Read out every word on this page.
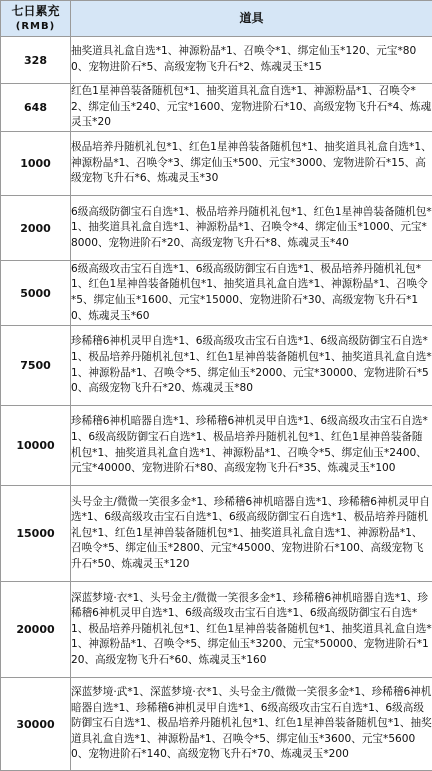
七日累充
(RMB)	道具
328	抽奖道具礼盒自选*1、神源粉晶*1、召唤令*1、绑定仙玉*120、元宝*800、宠物进阶石*5、高级宠物飞升石*2、炼魂灵玉*15
648	红色1星神兽装备随机包*1、抽奖道具礼盒自选*1、神源粉晶*1、召唤令*2、绑定仙玉*240、元宝*1600、宠物进阶石*10、高级宠物飞升石*4、炼魂灵玉*20
1000	极品培养丹随机礼包*1、红色1星神兽装备随机包*1、抽奖道具礼盒自选*1、神源粉晶*1、召唤令*3、绑定仙玉*500、元宝*3000、宠物进阶石*15、高级宠物飞升石*6、炼魂灵玉*30
2000	6级高级防御宝石自选*1、极品培养丹随机礼包*1、红色1星神兽装备随机包*1、抽奖道具礼盒自选*1、神源粉晶*1、召唤令*4、绑定仙玉*1000、元宝*8000、宠物进阶石*20、高级宠物飞升石*8、炼魂灵玉*40
5000	6级高级攻击宝石自选*1、6级高级防御宝石自选*1、极品培养丹随机礼包*1、红色1星神兽装备随机包*1、抽奖道具礼盒自选*1、神源粉晶*1、召唤令*5、绑定仙玉*1600、元宝*15000、宠物进阶石*30、高级宠物飞升石*10、炼魂灵玉*60
7500	珍稀稽6神机灵甲自选*1、6级高级攻击宝石自选*1、6级高级防御宝石自选*1、极品培养丹随机礼包*1、红色1星神兽装备随机包*1、抽奖道具礼盒自选*1、神源粉晶*1、召唤令*5、绑定仙玉*2000、元宝*30000、宠物进阶石*50、高级宠物飞升石*20、炼魂灵玉*80
10000	珍稀稽6神机暗器自选*1、珍稀稽6神机灵甲自选*1、6级高级攻击宝石自选*1、6级高级防御宝石自选*1、极品培养丹随机礼包*1、红色1星神兽装备随机包*1、抽奖道具礼盒自选*1、神源粉晶*1、召唤令*5、绑定仙玉*2400、元宝*40000、宠物进阶石*80、高级宠物飞升石*35、炼魂灵玉*100
15000	头号金主/微微一笑很多金*1、珍稀稽6神机暗器自选*1、珍稀稽6神机灵甲自选*1、6级高级攻击宝石自选*1、6级高级防御宝石自选*1、极品培养丹随机礼包*1、红色1星神兽装备随机包*1、抽奖道具礼盒自选*1、神源粉晶*1、召唤令*5、绑定仙玉*2800、元宝*45000、宠物进阶石*100、高级宠物飞升石*50、炼魂灵玉*120
20000	深蓝梦境·衣*1、头号金主/微微一笑很多金*1、珍稀稽6神机暗器自选*1、珍稀稽6神机灵甲自选*1、6级高级攻击宝石自选*1、6级高级防御宝石自选*1、极品培养丹随机礼包*1、红色1星神兽装备随机包*1、抽奖道具礼盒自选*1、神源粉晶*1、召唤令*5、绑定仙玉*3200、元宝*50000、宠物进阶石*120、高级宠物飞升石*60、炼魂灵玉*160
30000	深蓝梦境·武*1、深蓝梦境·衣*1、头号金主/微微一笑很多金*1、珍稀稽6神机暗器自选*1、珍稀稽6神机灵甲自选*1、6级高级攻击宝石自选*1、6级高级防御宝石自选*1、极品培养丹随机礼包*1、红色1星神兽装备随机包*1、抽奖道具礼盒自选*1、神源粉晶*1、召唤令*5、绑定仙玉*3600、元宝*56000、宠物进阶石*140、高级宠物飞升石*70、炼魂灵玉*200
